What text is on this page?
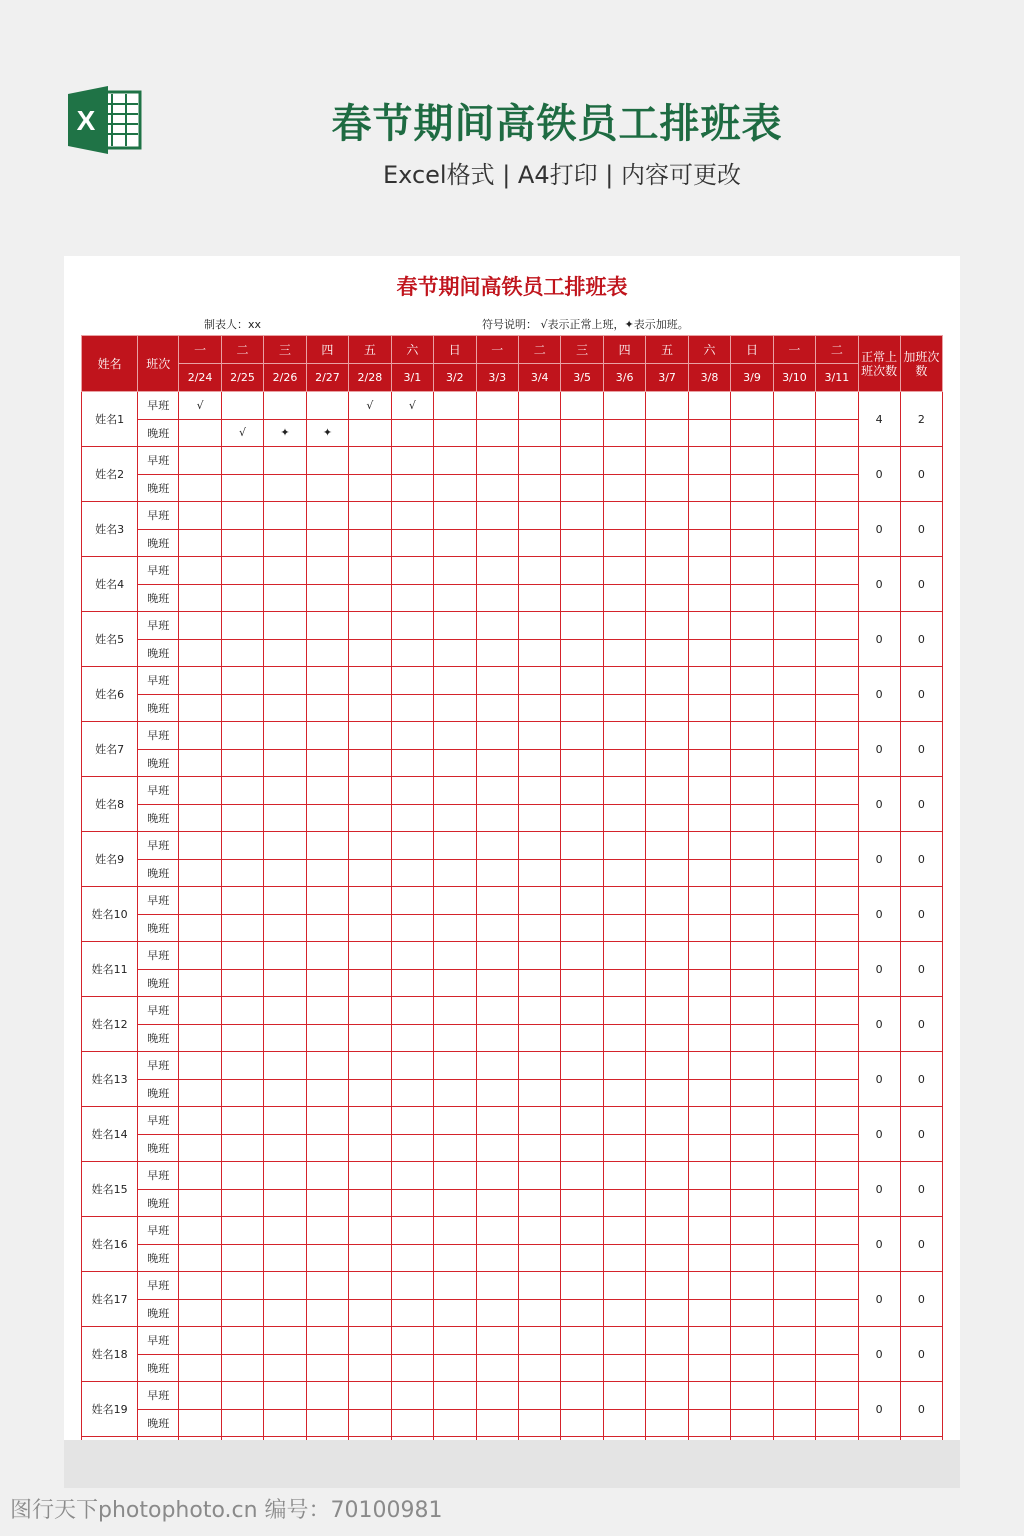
X	春节期间高铁员工排班表
Excel格式 | A4打印 | 内容可更改
春节期间高铁员工排班表
制表人：xx	符号说明： √表示正常上班，✦表示加班。
姓名	班次	一	二	三	四	五	六	日	一	二	三	四	五	六	日	一	二	正常上班次数	加班次数
		2/24	2/25	2/26	2/27	2/28	3/1	3/2	3/3	3/4	3/5	3/6	3/7	3/8	3/9	3/10	3/11		
姓名1	早班	√				√	√											4	2
	晚班		√	✦	✦														
姓名2	早班																	0	0
	晚班																		
姓名3	早班																	0	0
	晚班																		
姓名4	早班																	0	0
	晚班																		
姓名5	早班																	0	0
	晚班																		
姓名6	早班																	0	0
	晚班																		
姓名7	早班																	0	0
	晚班																		
姓名8	早班																	0	0
	晚班																		
姓名9	早班																	0	0
	晚班																		
姓名10	早班																	0	0
	晚班																		
姓名11	早班																	0	0
	晚班																		
姓名12	早班																	0	0
	晚班																		
姓名13	早班																	0	0
	晚班																		
姓名14	早班																	0	0
	晚班																		
姓名15	早班																	0	0
	晚班																		
姓名16	早班																	0	0
	晚班																		
姓名17	早班																	0	0
	晚班																		
姓名18	早班																	0	0
	晚班																		
姓名19	早班																	0	0
	晚班																		

图行天下photophoto.cn 编号：70100981
